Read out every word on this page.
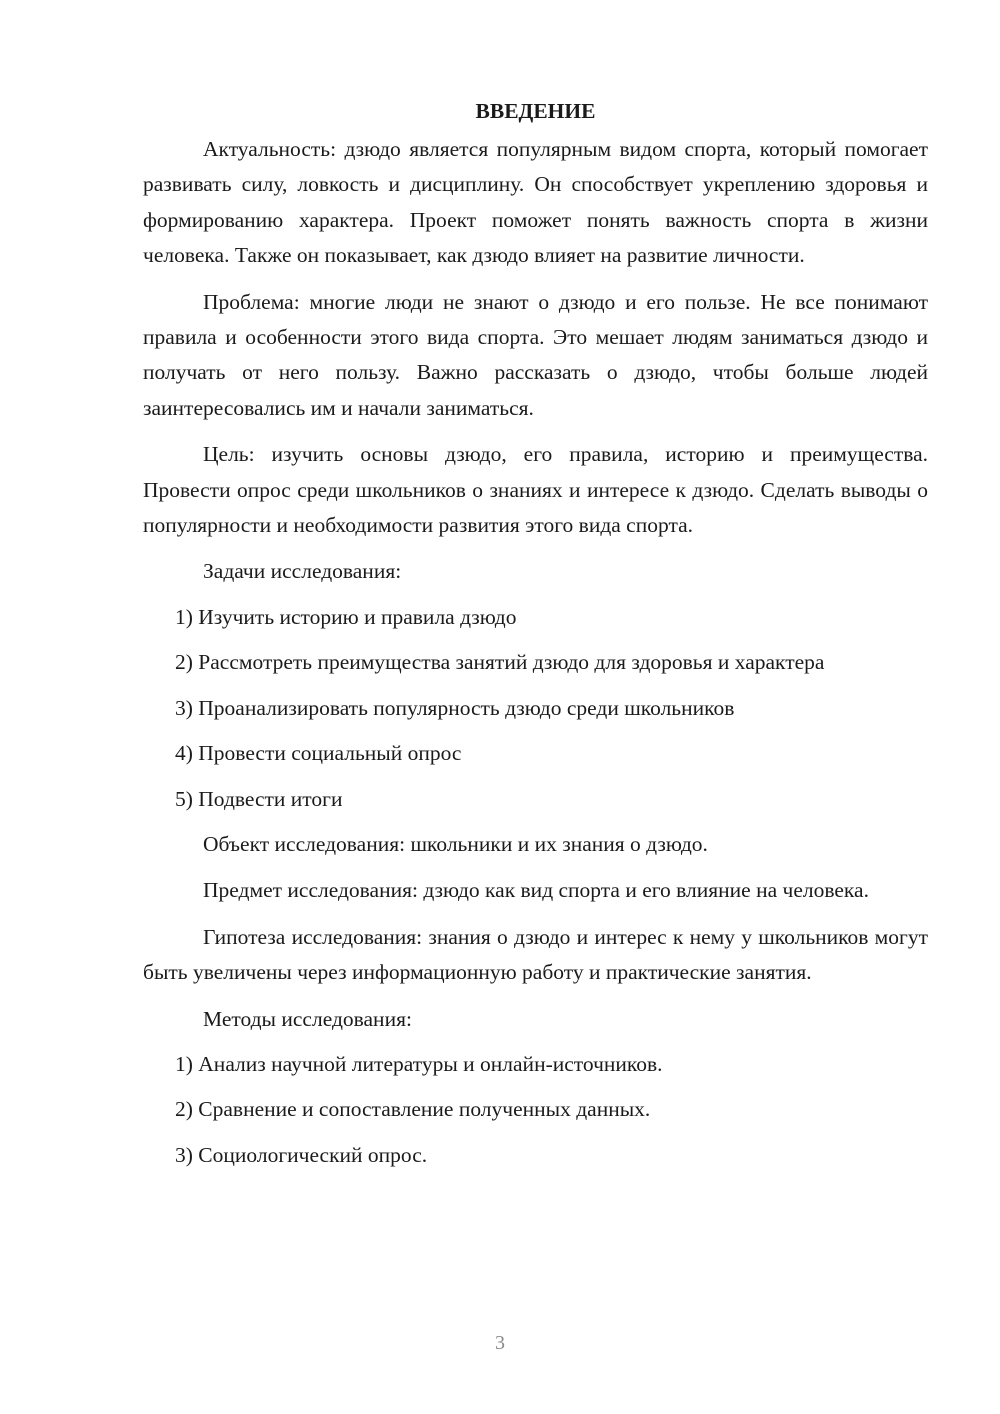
ВВЕДЕНИЕ

Актуальность: дзюдо является популярным видом спорта, который помогает развивать силу, ловкость и дисциплину. Он способствует укреплению здоровья и формированию характера. Проект поможет понять важность спорта в жизни человека. Также он показывает, как дзюдо влияет на развитие личности.

Проблема: многие люди не знают о дзюдо и его пользе. Не все понимают правила и особенности этого вида спорта. Это мешает людям заниматься дзюдо и получать от него пользу. Важно рассказать о дзюдо, чтобы больше людей заинтересовались им и начали заниматься.

Цель: изучить основы дзюдо, его правила, историю и преимущества. Провести опрос среди школьников о знаниях и интересе к дзюдо. Сделать выводы о популярности и необходимости развития этого вида спорта.

Задачи исследования:
1) Изучить историю и правила дзюдо
2) Рассмотреть преимущества занятий дзюдо для здоровья и характера
3) Проанализировать популярность дзюдо среди школьников
4) Провести социальный опрос
5) Подвести итоги

Объект исследования: школьники и их знания о дзюдо.

Предмет исследования: дзюдо как вид спорта и его влияние на человека.

Гипотеза исследования: знания о дзюдо и интерес к нему у школьников могут быть увеличены через информационную работу и практические занятия.

Методы исследования:
1) Анализ научной литературы и онлайн-источников.
2) Сравнение и сопоставление полученных данных.
3) Социологический опрос.
3
